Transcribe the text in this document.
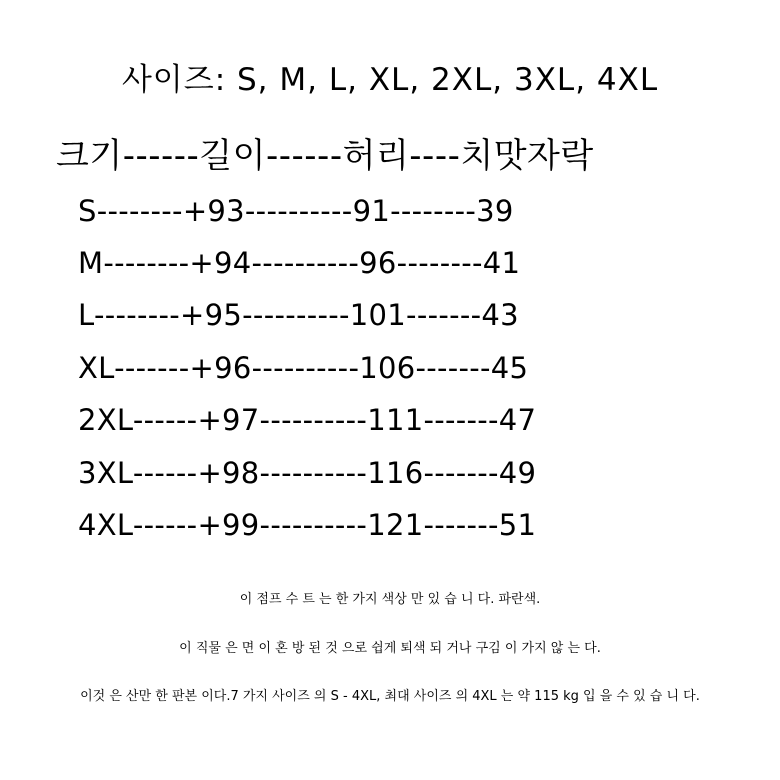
사이즈: S, M, L, XL, 2XL, 3XL, 4XL
크기------길이------허리----치맛자락
S--------+93----------91--------39
M--------+94----------96--------41
L--------+95----------101-------43
XL-------+96----------106-------45
2XL------+97----------111-------47
3XL------+98----------116-------49
4XL------+99----------121-------51
이 점프 수 트 는 한 가지 색상 만 있 습 니 다. 파란색.
이 직물 은 면 이 혼 방 된 것 으로 쉽게 퇴색 되 거나 구김 이 가지 않 는 다.
이것 은 산만 한 판본 이다.7 가지 사이즈 의 S - 4XL, 최대 사이즈 의 4XL 는 약 115 kg 입 을 수 있 습 니 다.
